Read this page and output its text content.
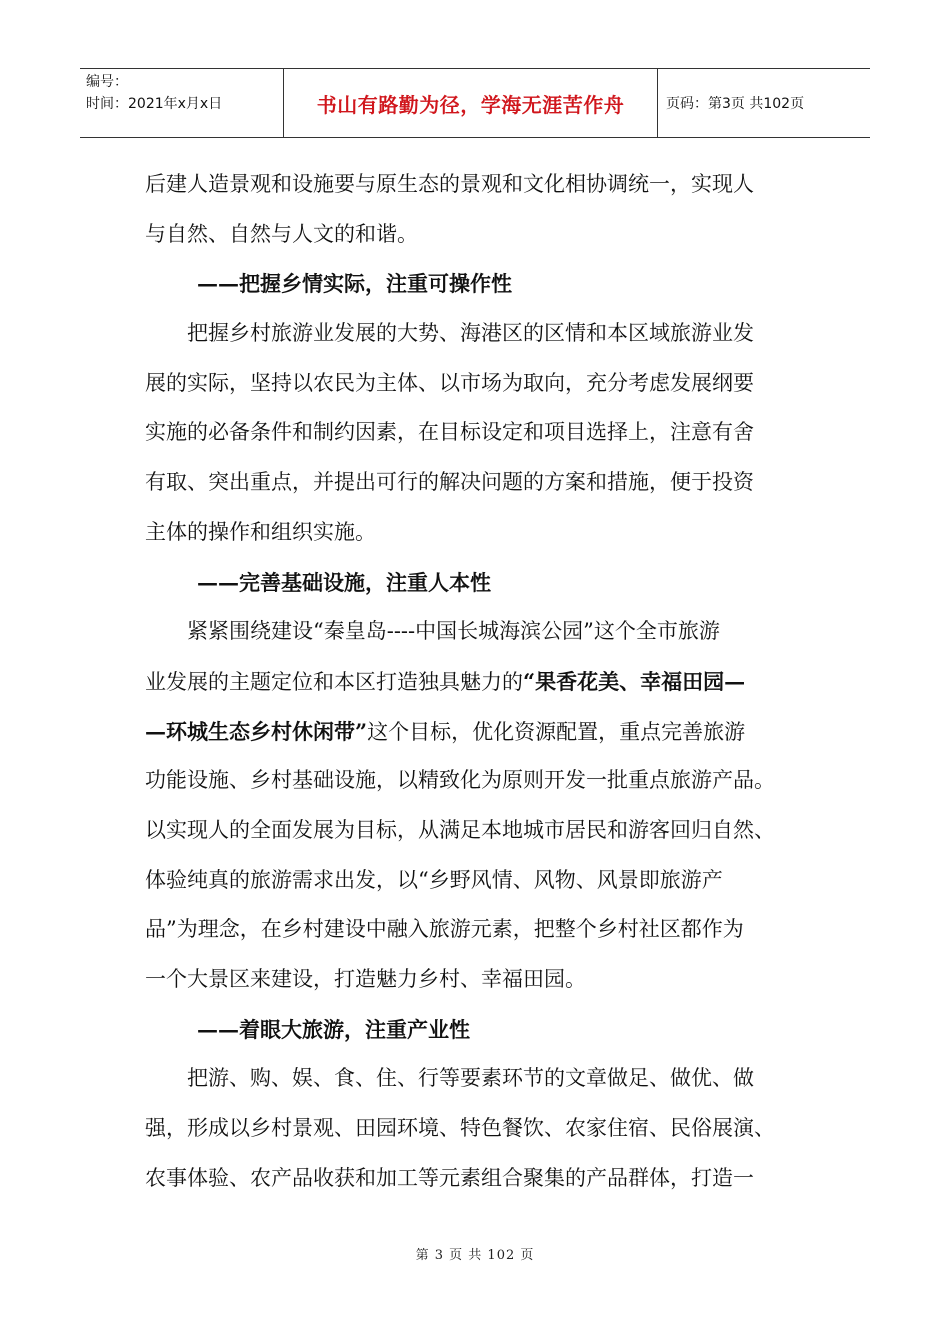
编号：
时间：2021年x月x日	书山有路勤为径，学海无涯苦作舟	页码：第3页 共102页
后建人造景观和设施要与原生态的景观和文化相协调统一，实现人
与自然、自然与人文的和谐。
——把握乡情实际，注重可操作性
把握乡村旅游业发展的大势、海港区的区情和本区域旅游业发
展的实际，坚持以农民为主体、以市场为取向，充分考虑发展纲要
实施的必备条件和制约因素，在目标设定和项目选择上，注意有舍
有取、突出重点，并提出可行的解决问题的方案和措施，便于投资
主体的操作和组织实施。
——完善基础设施，注重人本性
紧紧围绕建设“秦皇岛----中国长城海滨公园”这个全市旅游
业发展的主题定位和本区打造独具魅力的“果香花美、幸福田园—
—环城生态乡村休闲带”这个目标，优化资源配置，重点完善旅游
功能设施、乡村基础设施，以精致化为原则开发一批重点旅游产品。
以实现人的全面发展为目标，从满足本地城市居民和游客回归自然、
体验纯真的旅游需求出发，以“乡野风情、风物、风景即旅游产
品”为理念，在乡村建设中融入旅游元素，把整个乡村社区都作为
一个大景区来建设，打造魅力乡村、幸福田园。
——着眼大旅游，注重产业性
把游、购、娱、食、住、行等要素环节的文章做足、做优、做
强，形成以乡村景观、田园环境、特色餐饮、农家住宿、民俗展演、
农事体验、农产品收获和加工等元素组合聚集的产品群体，打造一
第 3 页 共 102 页
